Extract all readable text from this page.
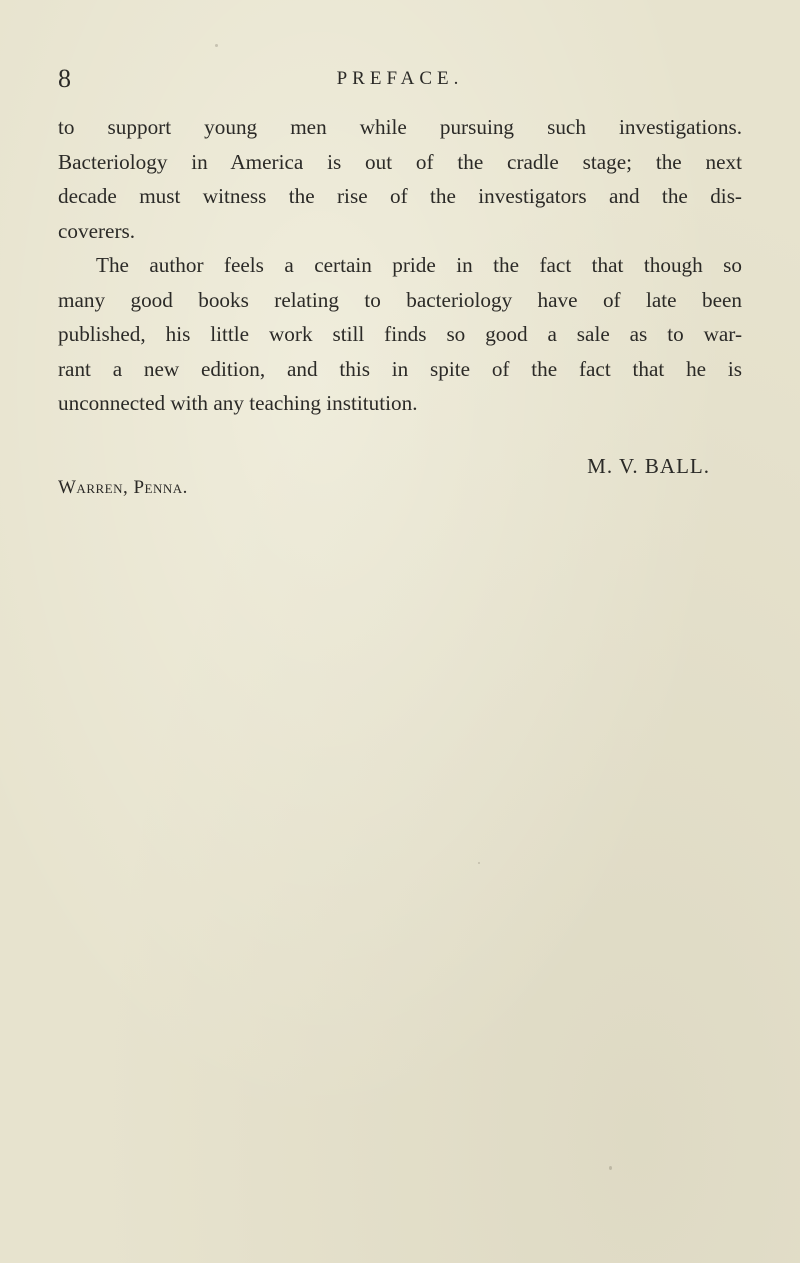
8	PREFACE.
to support young men while pursuing such investigations.
Bacteriology in America is out of the cradle stage; the next
decade must witness the rise of the investigators and the dis-
coverers.
The author feels a certain pride in the fact that though so
many good books relating to bacteriology have of late been
published, his little work still finds so good a sale as to war-
rant a new edition, and this in spite of the fact that he is
unconnected with any teaching institution.
M. V. BALL.
Warren, Penna.
